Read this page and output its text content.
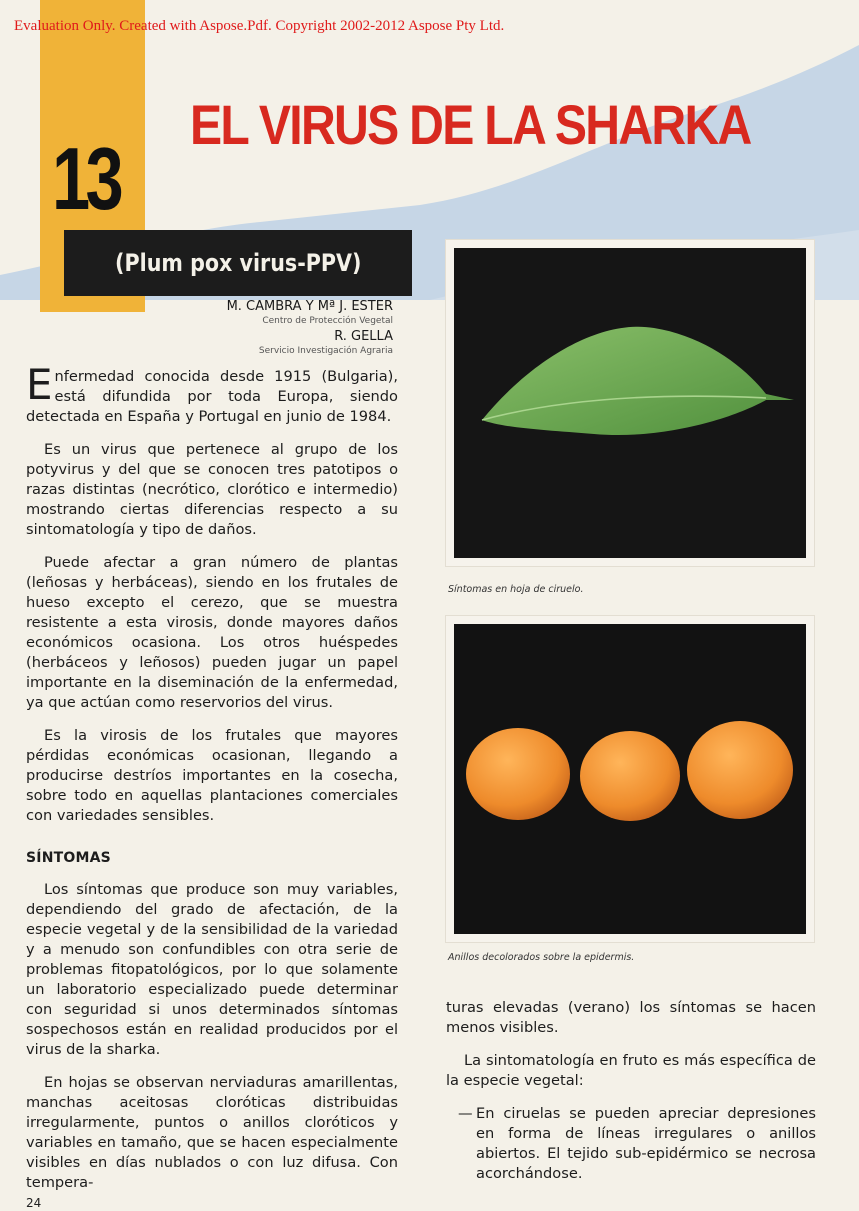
Evaluation Only. Created with Aspose.Pdf. Copyright 2002-2012 Aspose Pty Ltd.
13
EL VIRUS DE LA SHARKA
(Plum pox virus-PPV)
M. CAMBRA Y Mª J. ESTER
Centro de Protección Vegetal
R. GELLA
Servicio Investigación Agraria

Enfermedad conocida desde 1915 (Bulgaria), está difundida por toda Europa, siendo detectada en España y Portugal en junio de 1984.

Es un virus que pertenece al grupo de los potyvirus y del que se conocen tres patotipos o razas distintas (necrótico, clorótico e intermedio) mostrando ciertas diferencias respecto a su sintomatología y tipo de daños.

Puede afectar a gran número de plantas (leñosas y herbáceas), siendo en los frutales de hueso excepto el cerezo, que se muestra resistente a esta virosis, donde mayores daños económicos ocasiona. Los otros huéspedes (herbáceos y leñosos) pueden jugar un papel importante en la diseminación de la enfermedad, ya que actúan como reservorios del virus.

Es la virosis de los frutales que mayores pérdidas económicas ocasionan, llegando a producirse destríos importantes en la cosecha, sobre todo en aquellas plantaciones comerciales con variedades sensibles.

SÍNTOMAS

Los síntomas que produce son muy variables, dependiendo del grado de afectación, de la especie vegetal y de la sensibilidad de la variedad y a menudo son confundibles con otra serie de problemas fitopatológicos, por lo que solamente un laboratorio especializado puede determinar con seguridad si unos determinados síntomas sospechosos están en realidad producidos por el virus de la sharka.

En hojas se observan nerviaduras amarillentas, manchas aceitosas cloróticas distribuidas irregularmente, puntos o anillos cloróticos y variables en tamaño, que se hacen especialmente visibles en días nublados o con luz difusa. Con tempera-

Síntomas en hoja de ciruelo.
Anillos decolorados sobre la epidermis.

turas elevadas (verano) los síntomas se hacen menos visibles.

La sintomatología en fruto es más específica de la especie vegetal:

— En ciruelas se pueden apreciar depresiones en forma de líneas irregulares o anillos abiertos. El tejido sub-epidérmico se necrosa acorchándose.

24
